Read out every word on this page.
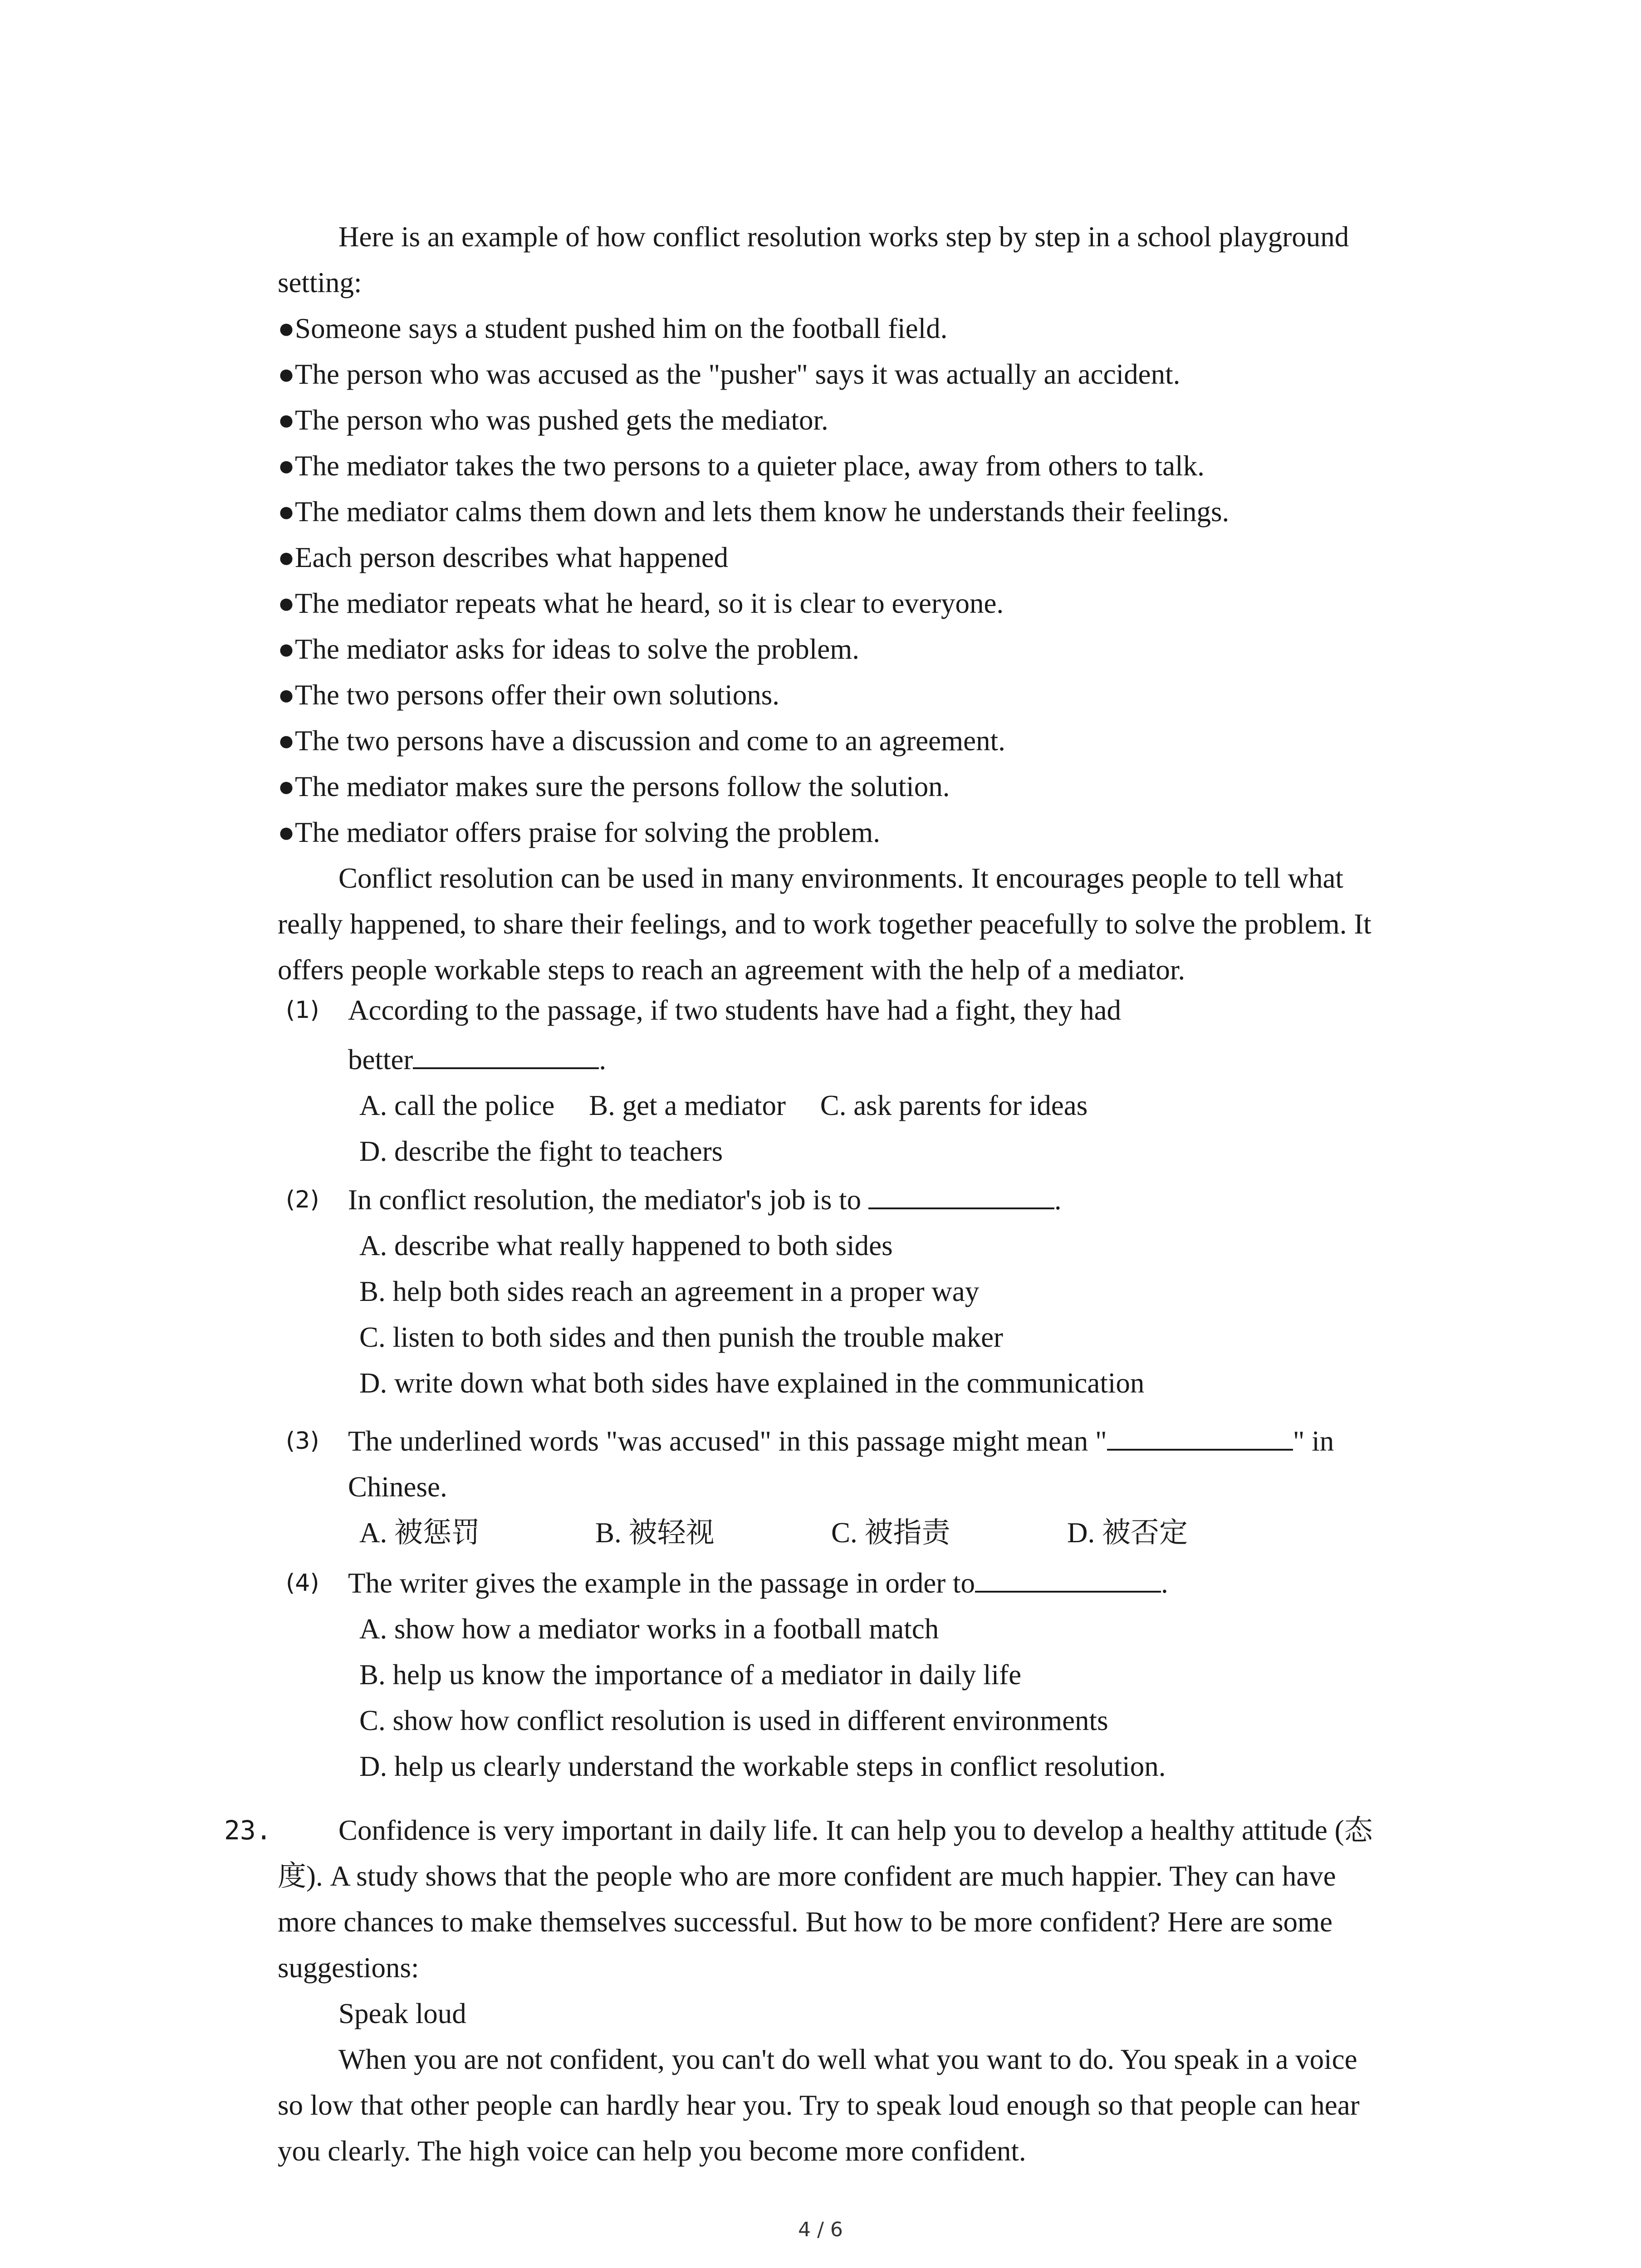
Here is an example of how conflict resolution works step by step in a school playground
setting:
●Someone says a student pushed him on the football field.
●The person who was accused as the "pusher" says it was actually an accident.
●The person who was pushed gets the mediator.
●The mediator takes the two persons to a quieter place, away from others to talk.
●The mediator calms them down and lets them know he understands their feelings.
●Each person describes what happened
●The mediator repeats what he heard, so it is clear to everyone.
●The mediator asks for ideas to solve the problem.
●The two persons offer their own solutions.
●The two persons have a discussion and come to an agreement.
●The mediator makes sure the persons follow the solution.
●The mediator offers praise for solving the problem.
Conflict resolution can be used in many environments. It encourages people to tell what
really happened, to share their feelings, and to work together peacefully to solve the problem. It
offers people workable steps to reach an agreement with the help of a mediator.
(1) According to the passage, if two students have had a fight, they had
better	.
A. call the police B. get a mediator C. ask parents for ideas
D. describe the fight to teachers
(2) In conflict resolution, the mediator's job is to	.
A. describe what really happened to both sides
B. help both sides reach an agreement in a proper way
C. listen to both sides and then punish the trouble maker
D. write down what both sides have explained in the communication
(3) The underlined words "was accused" in this passage might mean "	" in
Chinese.
A. 被惩罚	B. 被轻视	C. 被指责	D. 被否定
(4) The writer gives the example in the passage in order to	.
A. show how a mediator works in a football match
B. help us know the importance of a mediator in daily life
C. show how conflict resolution is used in different environments
D. help us clearly understand the workable steps in conflict resolution.
23.	Confidence is very important in daily life. It can help you to develop a healthy attitude (态
度). A study shows that the people who are more confident are much happier. They can have
more chances to make themselves successful. But how to be more confident? Here are some
suggestions:
Speak loud
When you are not confident, you can't do well what you want to do. You speak in a voice
so low that other people can hardly hear you. Try to speak loud enough so that people can hear
you clearly. The high voice can help you become more confident.
4 / 6
